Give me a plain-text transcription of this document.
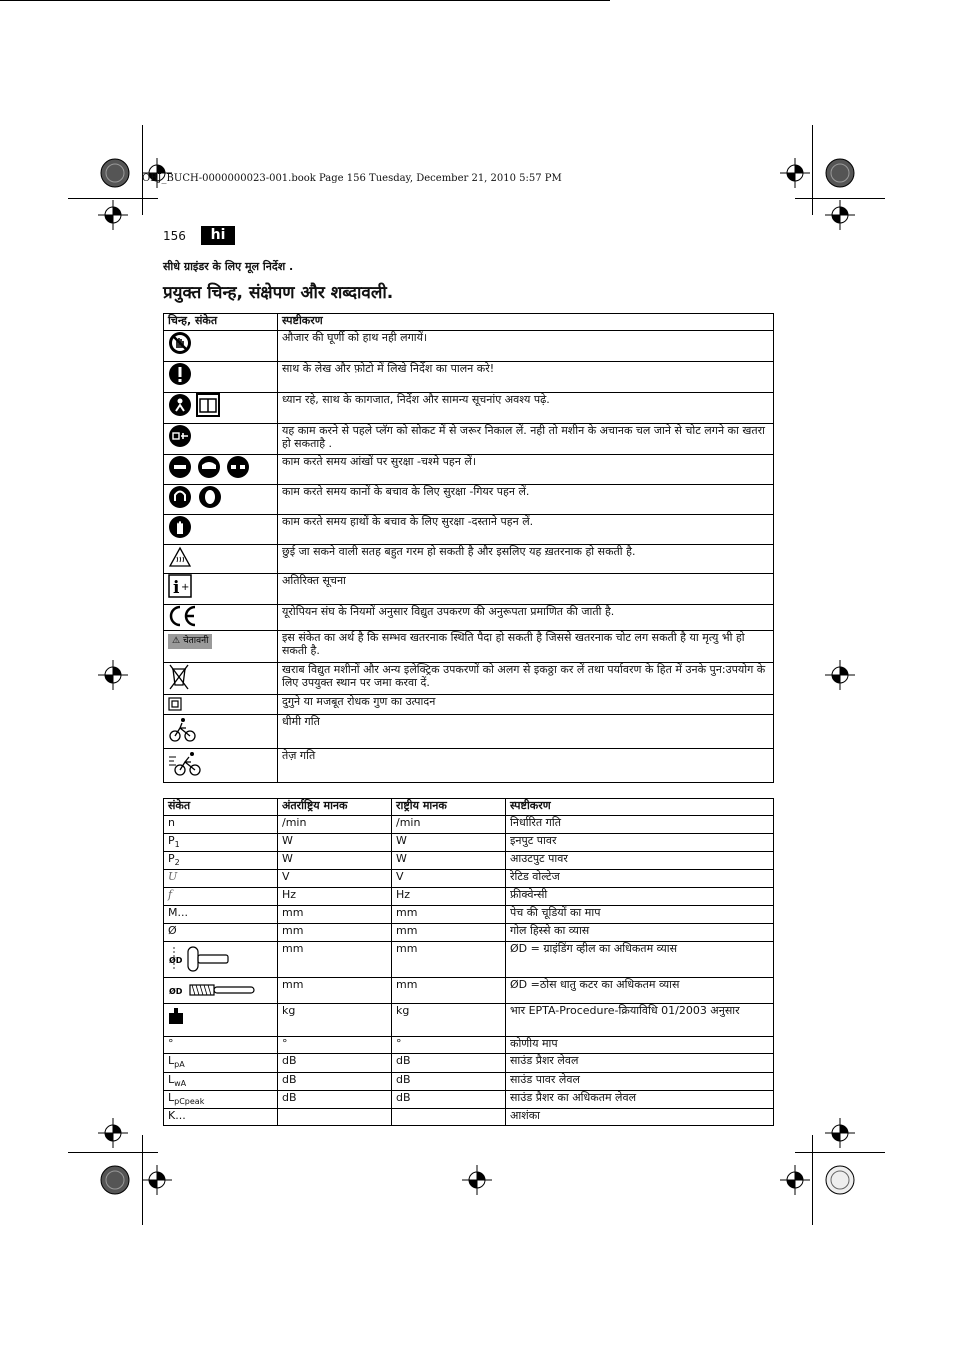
OBJ_BUCH-0000000023-001.book Page 156 Tuesday, December 21, 2010 5:57 PM
156	hi
सीधे ग्राइंडर के लिए मूल निर्देश .
प्रयुक्त चिन्ह, संक्षेपण और शब्दावली.
चिन्ह, संकेत	स्पष्टीकरण
	औजार की घूर्णी को हाथ नही लगायें।
	साथ के लेख और फ़ोटो में लिखे निर्देश का पालन करे!
	ध्यान रहे, साथ के कागजात, निर्देश और सामन्य सूचनांए अवश्य पढ़े.
	यह काम करने से पहले प्लॅग को सोकट में से जरूर निकाल लें. नही तो मशीन के अचानक चल जाने से चोट लगने का खतरा हो सकताहै .
	काम करते समय आंखों पर सुरक्षा -चश्मे पहन लें।
	काम करते समय कानों के बचाव के लिए सुरक्षा -गियर पहन लें.
	काम करते समय हाथों के बचाव के लिए सुरक्षा -दस्ताने पहन लें.
	छुई जा सकने वाली सतह बहुत गरम हो सकती है और इसलिए यह ख़तरनाक हो सकती है.

i +	अतिरिक्त सूचना
	यूरोपियन संघ के नियमों अनुसार विद्युत उपकरण की अनुरूपता प्रमाणित की जाती है.
⚠ चेतावनी	इस संकेत का अर्थ है कि सम्भव खतरनाक स्थिति पैदा हो सकती है जिससे खतरनाक चोट लग सकती है या मृत्यु भी हो सकती है.
	खराब विद्युत मशीनों और अन्य इलेक्ट्रिक उपकरणों को अलग से इकठ्ठा कर लें तथा पर्यावरण के हित में उनके पुन:उपयोग के लिए उपयुक्त स्थान पर जमा करवा दें.
	दुगुने या मजबूत रोधक गुण का उत्पादन
	धीमी गति
	तेज़ गति
संकेत	अंतर्राष्ट्रिय मानक	राष्ट्रीय मानक	स्पष्टीकरण
n	/min	/min	निर्धारित गति
$P_1$	W	W	इनपुट पावर
$P_2$	W	W	आउटपुट पावर
U	V	V	रेटिड वोल्टेज
f	Hz	Hz	फ्रीक्वेन्सी
M...	mm	mm	पेच की चूडियों का माप
Ø	mm	mm	गोल हिस्से का व्यास

ØD	mm	mm	ØD = ग्राइंडिंग व्हील का अधिकतम व्यास

ØD	mm	mm	ØD =ठोस धातु कटर का अधिकतम व्यास
	kg	kg	भार EPTA-Procedure-क्रियाविधि 01/2003 अनुसार
°	°	°	कोणीय माप
$L_{pA}$	dB	dB	साउंड प्रैशर लेवल
$L_{wA}$	dB	dB	साउंड पावर लेवल
$L_{pCpeak}$	dB	dB	साउंड प्रैशर का अधिकतम लेवल
K...			आशंका
